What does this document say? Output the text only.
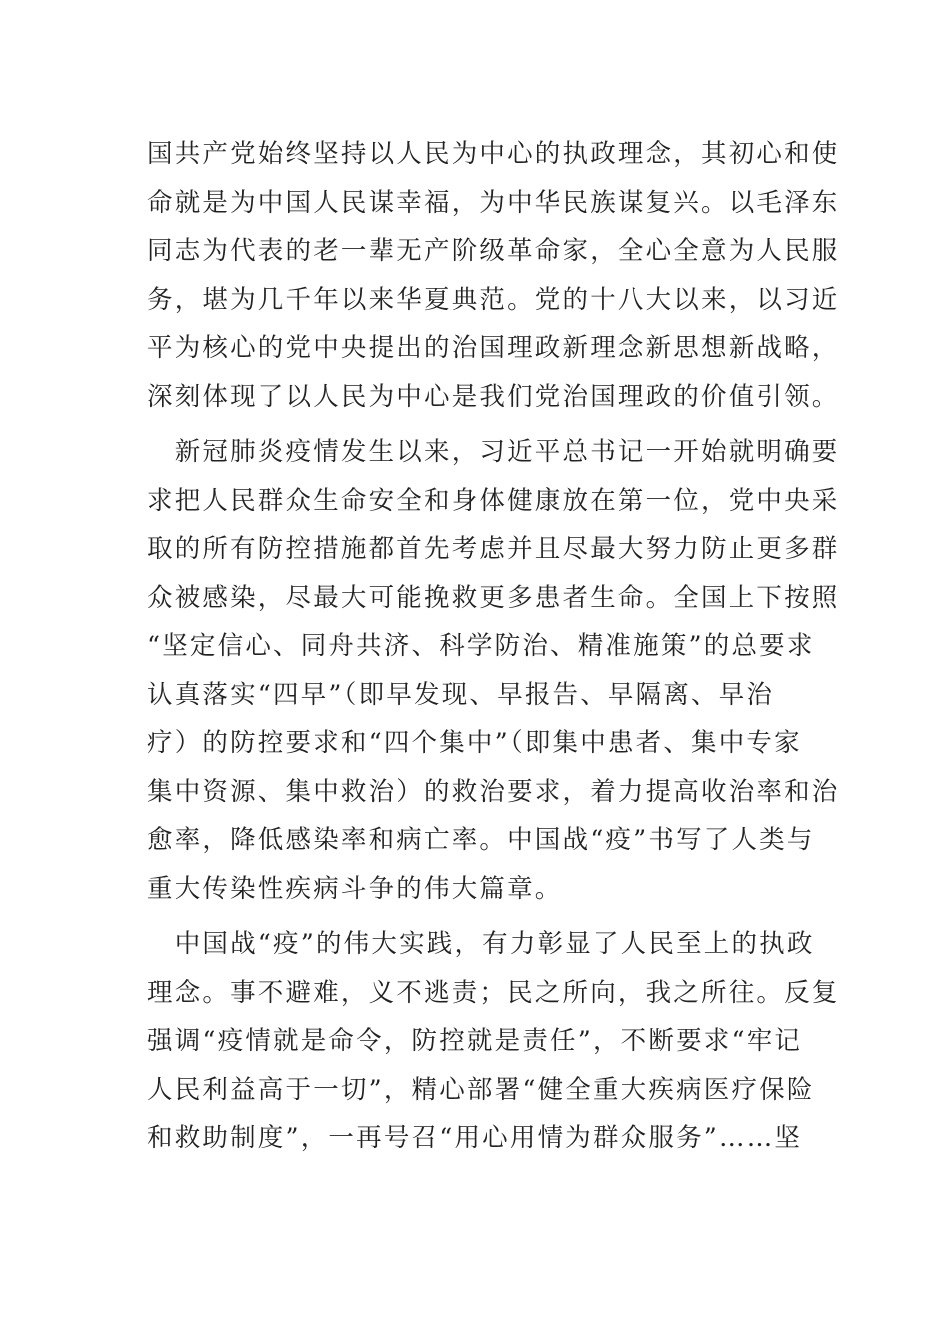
国共产党始终坚持以人民为中心的执政理念，其初心和使
命就是为中国人民谋幸福，为中华民族谋复兴。以毛泽东
同志为代表的老一辈无产阶级革命家，全心全意为人民服
务，堪为几千年以来华夏典范。党的十八大以来，以习近
平为核心的党中央提出的治国理政新理念新思想新战略，
深刻体现了以人民为中心是我们党治国理政的价值引领。
　新冠肺炎疫情发生以来，习近平总书记一开始就明确要
求把人民群众生命安全和身体健康放在第一位，党中央采
取的所有防控措施都首先考虑并且尽最大努力防止更多群
众被感染，尽最大可能挽救更多患者生命。全国上下按照
“坚定信心、同舟共济、科学防治、精准施策”的总要求
认真落实“四早”（即早发现、早报告、早隔离、早治
疗）的防控要求和“四个集中”（即集中患者、集中专家
集中资源、集中救治）的救治要求，着力提高收治率和治
愈率，降低感染率和病亡率。中国战“疫”书写了人类与
重大传染性疾病斗争的伟大篇章。
　中国战“疫”的伟大实践，有力彰显了人民至上的执政
理念。事不避难，义不逃责；民之所向，我之所往。反复
强调“疫情就是命令，防控就是责任”，不断要求“牢记
人民利益高于一切”，精心部署“健全重大疾病医疗保险
和救助制度”，一再号召“用心用情为群众服务”……坚
